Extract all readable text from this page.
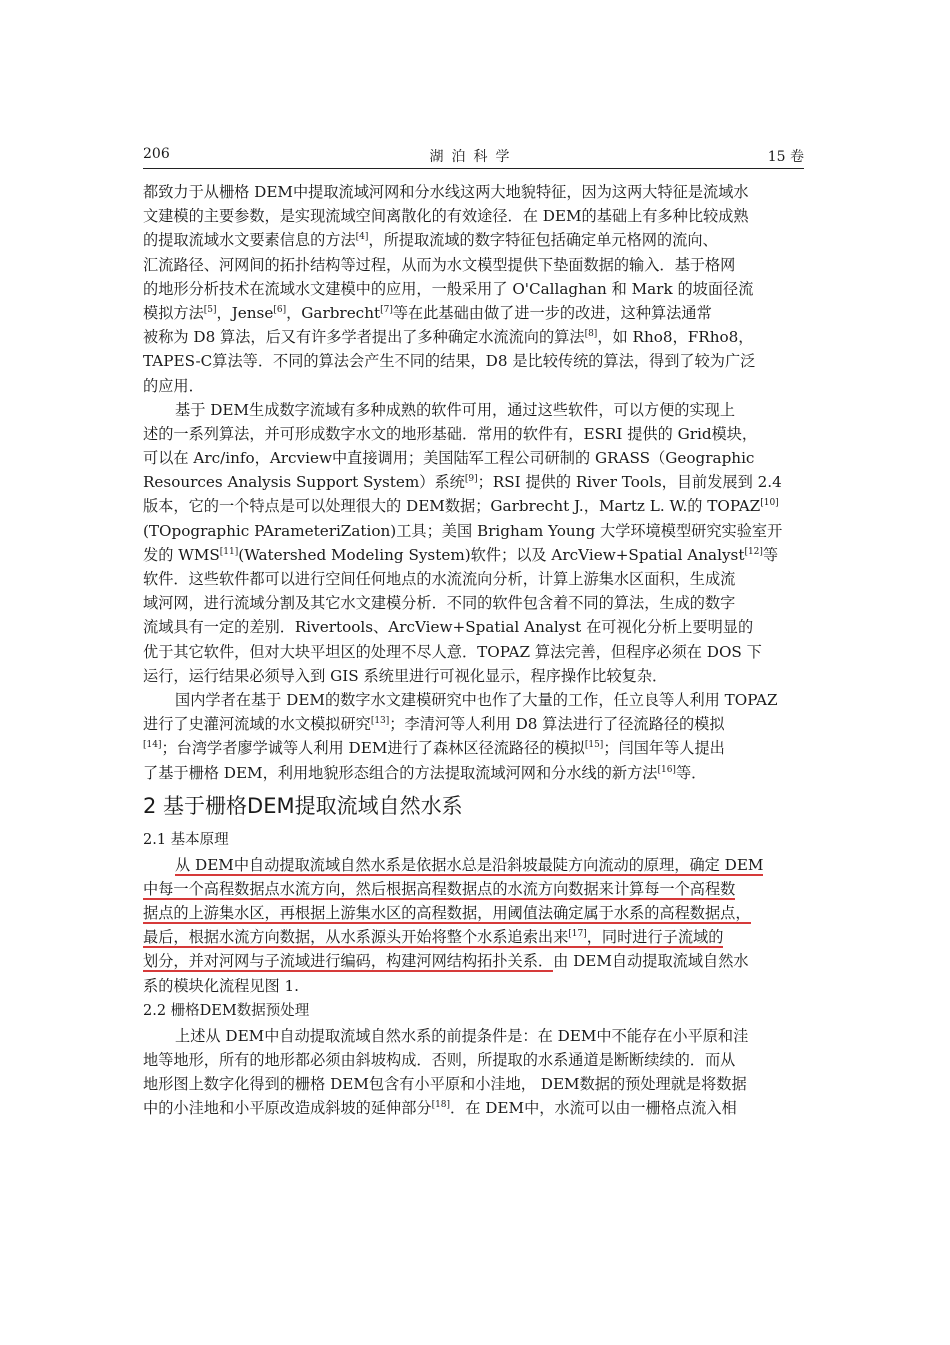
206	湖泊科学	15 卷
都致力于从栅格 DEM中提取流域河网和分水线这两大地貌特征，因为这两大特征是流域水
文建模的主要参数，是实现流域空间离散化的有效途径．在 DEM的基础上有多种比较成熟
的提取流域水文要素信息的方法[4]，所提取流域的数字特征包括确定单元格网的流向、
汇流路径、河网间的拓扑结构等过程，从而为水文模型提供下垫面数据的输入．基于格网
的地形分析技术在流域水文建模中的应用，一般采用了 O'Callaghan 和 Mark 的坡面径流
模拟方法[5]，Jense[6]，Garbrecht[7]等在此基础由做了进一步的改进，这种算法通常
被称为 D8 算法，后又有许多学者提出了多种确定水流流向的算法[8]，如 Rho8，FRho8，
TAPES-C算法等．不同的算法会产生不同的结果，D8 是比较传统的算法，得到了较为广泛
的应用．
基于 DEM生成数字流域有多种成熟的软件可用，通过这些软件，可以方便的实现上
述的一系列算法，并可形成数字水文的地形基础．常用的软件有，ESRI 提供的 Grid模块，
可以在 Arc/info，Arcview中直接调用；美国陆军工程公司研制的 GRASS（Geographic
Resources Analysis Support System）系统[9]；RSI 提供的 River Tools，目前发展到 2.4
版本，它的一个特点是可以处理很大的 DEM数据；Garbrecht J.，Martz L. W.的 TOPAZ[10]
(TOpographic PArameteriZation)工具；美国 Brigham Young 大学环境模型研究实验室开
发的 WMS[11](Watershed Modeling System)软件；以及 ArcView+Spatial Analyst[12]等
软件．这些软件都可以进行空间任何地点的水流流向分析，计算上游集水区面积，生成流
域河网，进行流域分割及其它水文建模分析．不同的软件包含着不同的算法，生成的数字
流域具有一定的差别．Rivertools、ArcView+Spatial Analyst 在可视化分析上要明显的
优于其它软件，但对大块平坦区的处理不尽人意．TOPAZ 算法完善，但程序必须在 DOS 下
运行，运行结果必须导入到 GIS 系统里进行可视化显示，程序操作比较复杂．
国内学者在基于 DEM的数字水文建模研究中也作了大量的工作，任立良等人利用 TOPAZ
进行了史灌河流域的水文模拟研究[13]；李清河等人利用 D8 算法进行了径流路径的模拟
[14]；台湾学者廖学诚等人利用 DEM进行了森林区径流路径的模拟[15]；闫国年等人提出
了基于栅格 DEM，利用地貌形态组合的方法提取流域河网和分水线的新方法[16]等．
2 基于栅格DEM提取流域自然水系
2.1 基本原理
从 DEM中自动提取流域自然水系是依据水总是沿斜坡最陡方向流动的原理，确定 DEM
中每一个高程数据点水流方向，然后根据高程数据点的水流方向数据来计算每一个高程数
据点的上游集水区，再根据上游集水区的高程数据，用阈值法确定属于水系的高程数据点，
最后，根据水流方向数据，从水系源头开始将整个水系追索出来[17]，同时进行子流域的
划分，并对河网与子流域进行编码，构建河网结构拓扑关系．由 DEM自动提取流域自然水
系的模块化流程见图 1.
2.2 栅格DEM数据预处理
上述从 DEM中自动提取流域自然水系的前提条件是：在 DEM中不能存在小平原和洼
地等地形，所有的地形都必须由斜坡构成．否则，所提取的水系通道是断断续续的．而从
地形图上数字化得到的栅格 DEM包含有小平原和小洼地， DEM数据的预处理就是将数据
中的小洼地和小平原改造成斜坡的延伸部分[18]．在 DEM中，水流可以由一栅格点流入相
